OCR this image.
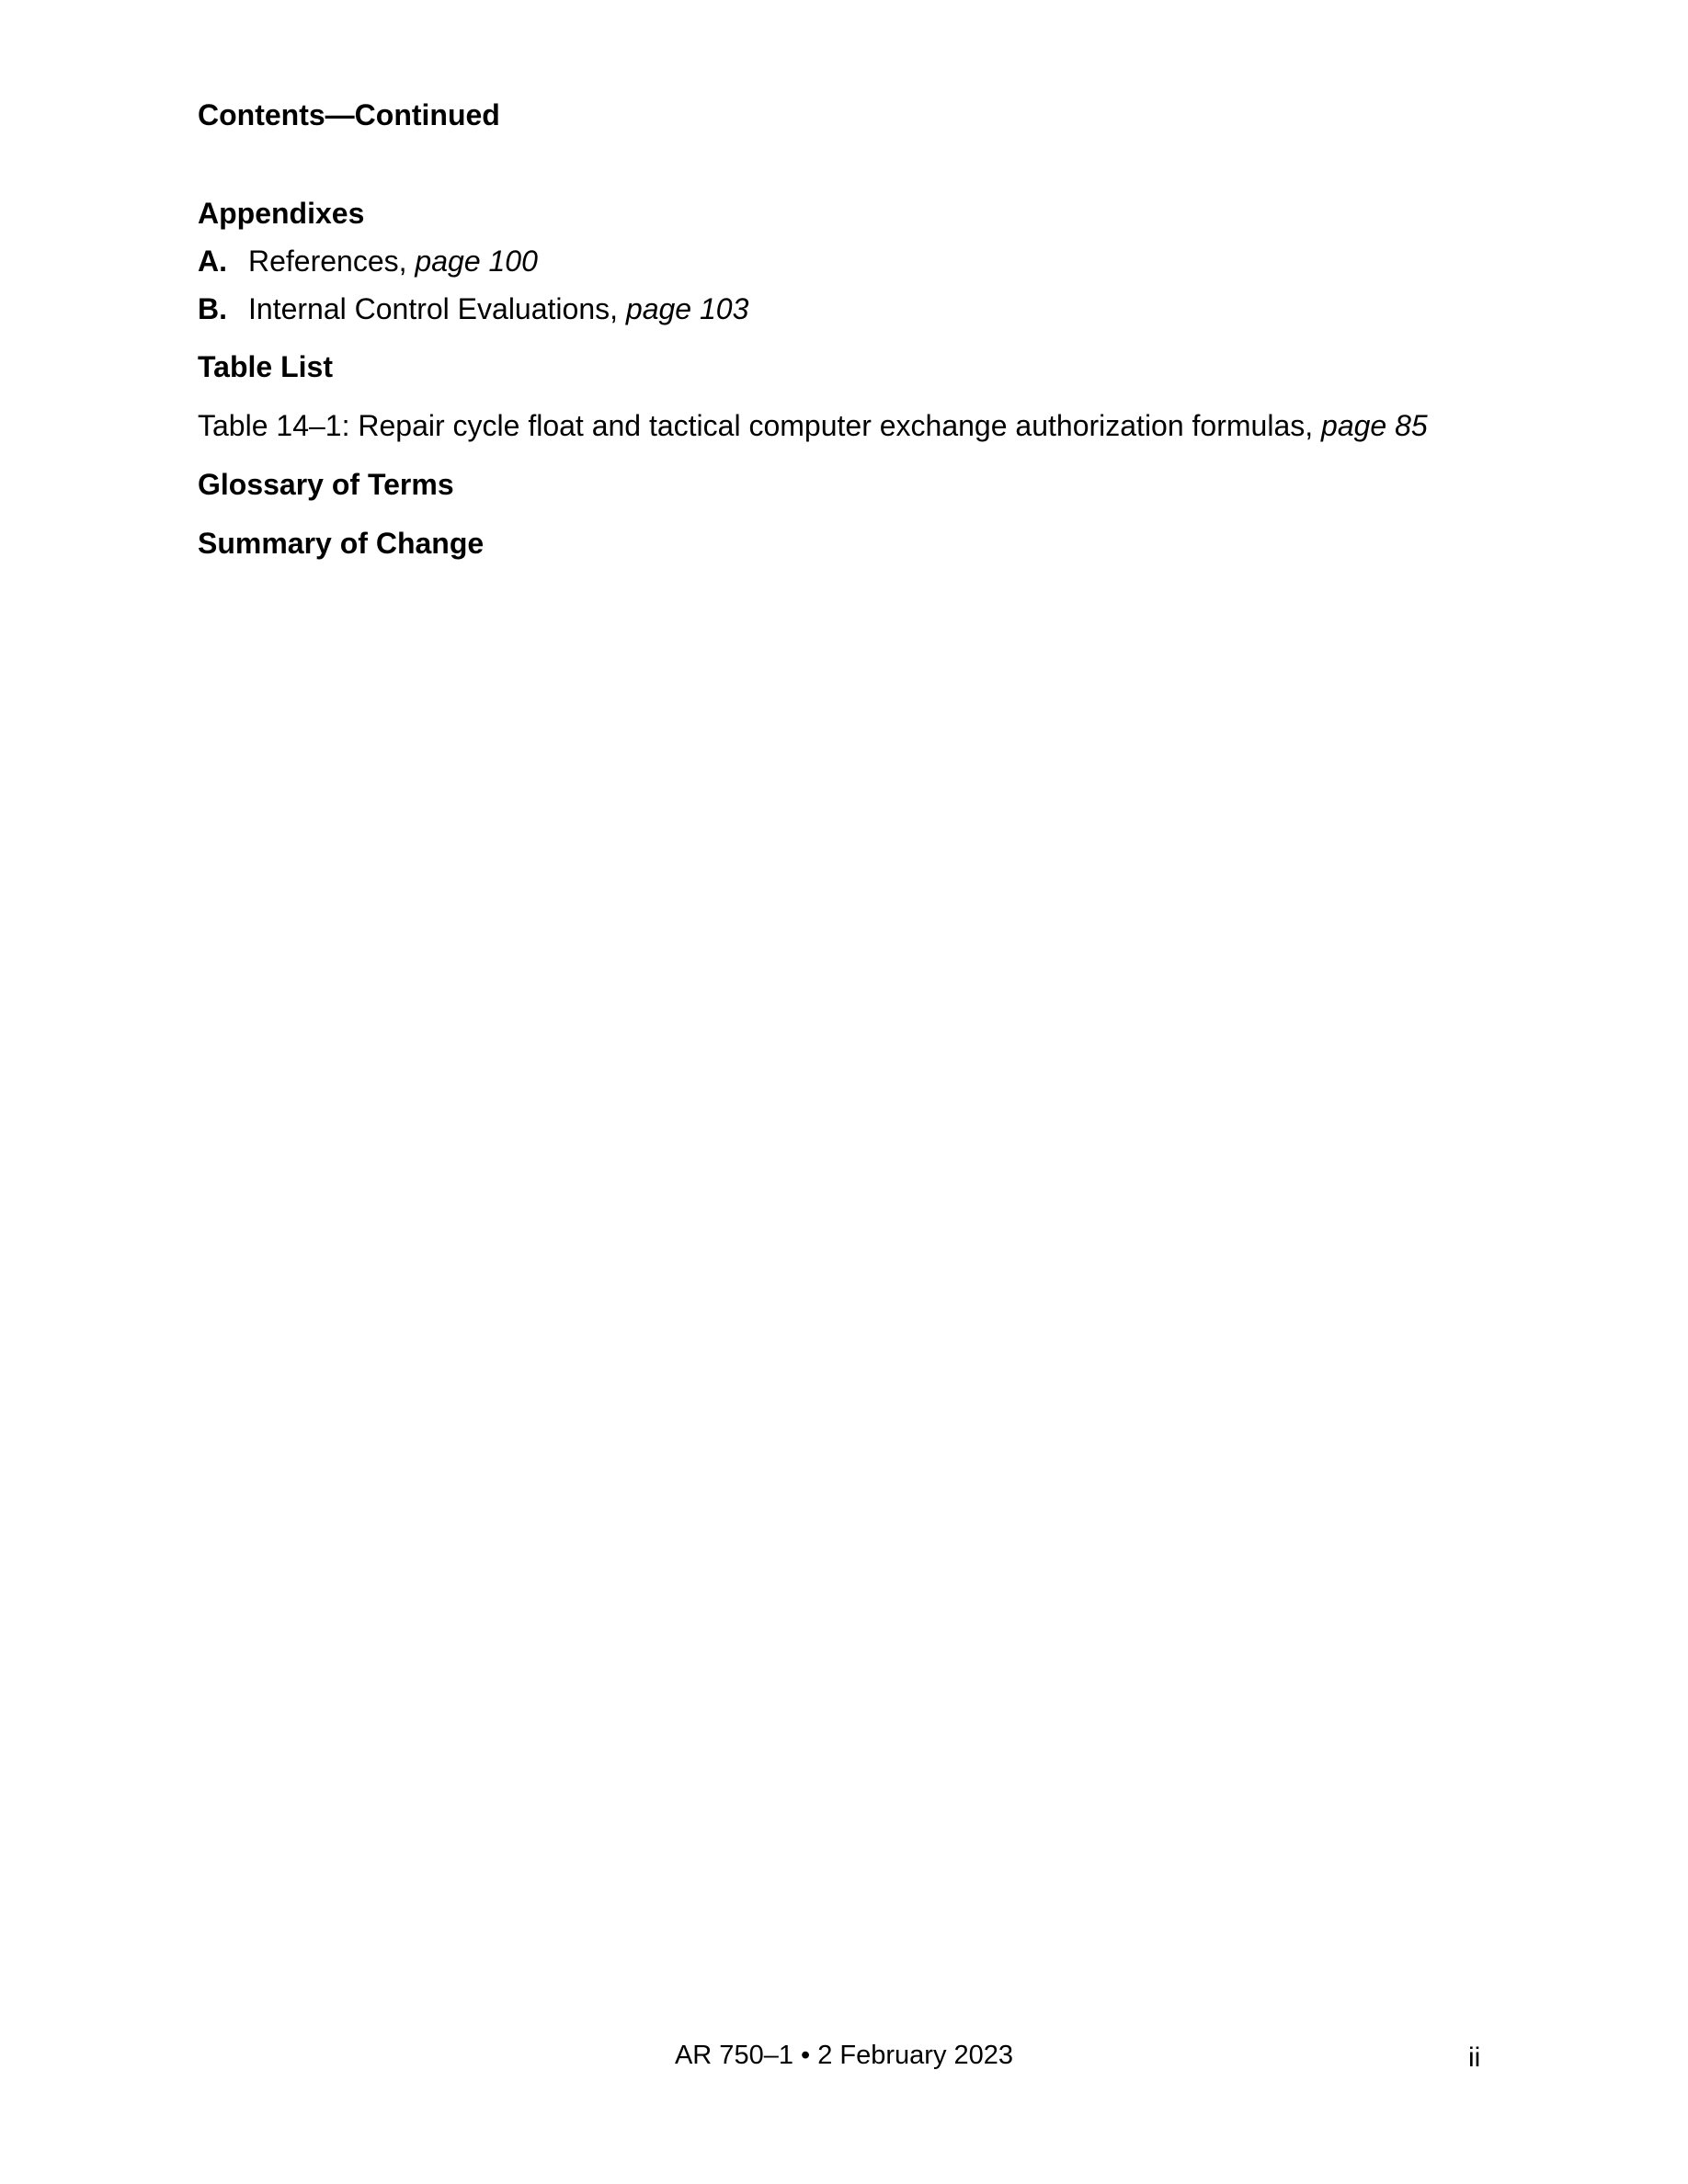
Contents—Continued
Appendixes
A. References, page 100
B. Internal Control Evaluations, page 103
Table List
Table 14–1: Repair cycle float and tactical computer exchange authorization formulas, page 85
Glossary of Terms
Summary of Change
AR 750–1 • 2 February 2023	ii
